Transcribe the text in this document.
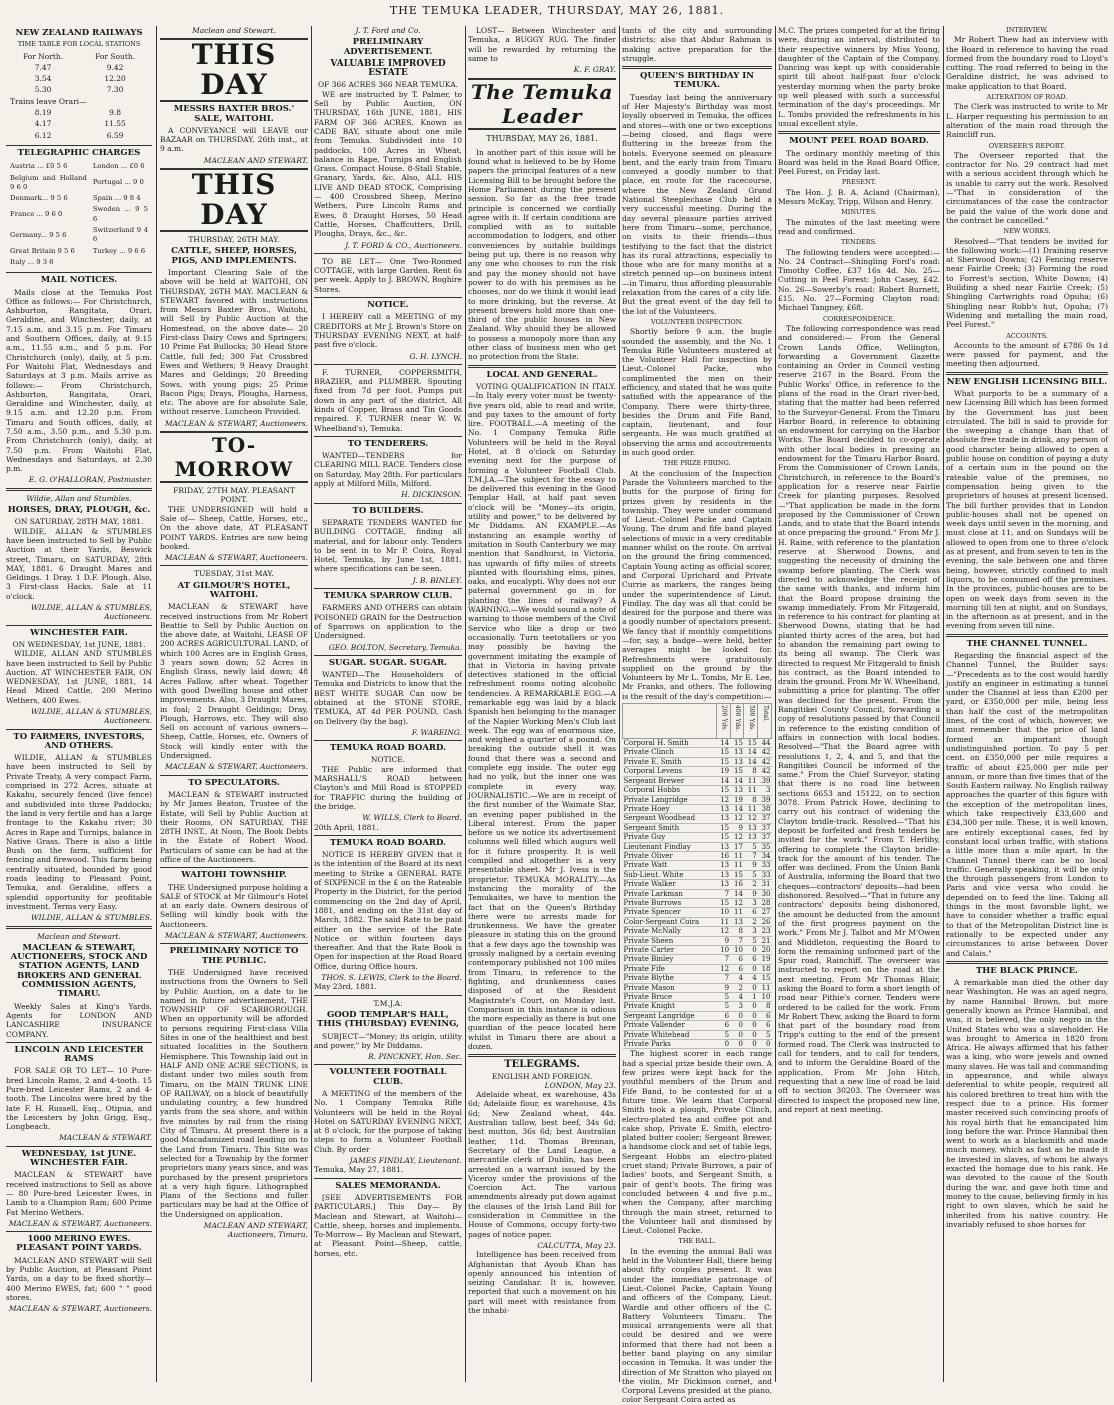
THE TEMUKA LEADER, THURSDAY, MAY 26, 1881.
NEW ZEALAND RAILWAYS
TIME TABLE FOR LOCAL STATIONS
For North.	For South.
7.47	9.42
3.54	12.20
5.30	7.30
Trains leave Orari—	
8.19	9.8
4.17	11.55
6.12	6.59
TELEGRAPHIC CHARGES
Austria ... £0 5 6	London ... £0 6
Belgium and Holland 9 6 0	Portugal ... 9 0
Denmark... 9 5 6	Spain ... 9 8 4
France ... 9 6 0	Sweden ... 9 5 6
Germany... 9 5 6	Switzerland 9 4 6
Great Britain 9 5 6	Turkey ... 9 6 6
Italy ... 9 3 6	
MAIL NOTICES.

Mails close at the Temuka Post Office as follows:— For Christchurch, Ashburton, Rangitata, Orari, Geraldine, and Winchester, daily, at 7.15 a.m. and 3.15 p.m. For Timaru and Southern Offices, daily, at 9.15 a.m., 11.55 a.m., and 5 p.m. For Christchurch (only), daily, at 5 p.m. For Waitohi Flat, Wednesdays and Saturdays at 3 p.m. Mails arrive as follows:— From Christchurch, Ashburton, Rangitata, Orari, Geraldine and Winchester, daily, at 9.15 a.m. and 12.20 p.m. From Timaru and South offices, daily, at 7.50 a.m., 3.50 p.m., and 5.30 p.m. From Christchurch (only), daily, at 7.50 p.m. From Waitohi Flat, Wednesdays and Saturdays, at 2.30 p.m.

E. G. O'HALLORAN, Postmaster.
Wildie, Allan and Stumbles.
HORSES, DRAY, PLOUGH, &c.
ON SATURDAY, 28TH MAY, 1881.

WILDIE, ALLAN & STUMBLES have been instructed to Sell by Public Auction at their Yards, Beswick street, Timaru, on SATURDAY, 28th MAY, 1881. 6 Draught Mares and Geldings. 1 Dray. 1 D.F. Plough. Also, 3 First-class Hacks. Sale at 11 o'clock.

WILDIE, ALLAN & STUMBLES, Auctioneers.
WINCHESTER FAIR.
ON WEDNESDAY, 1st JUNE, 1881.

WILDIE, ALLAN AND STUMBLES have been instructed to Sell by Public Auction, AT WINCHESTER FAIR, ON WEDNESDAY, 1st JUNE, 1881, 14 Head Mixed Cattle, 200 Merino Wethers, 400 Ewes.

WILDIE, ALLAN & STUMBLES, Auctioneers.
TO FARMERS, INVESTORS, AND OTHERS.

WILDIE, ALLAN & STUMBLES have been instructed to Sell by Private Treaty, A very compact Farm, comprised in 272 Acres, situate at Kakahu, securely fenced (live fence) and subdivided into three Paddocks; the land is very fertile and has a large frontage to the Kakahu river; 30 Acres in Rape and Turnips, balance in Native Grass. There is also a little Bush on the farm, sufficient for fencing and firewood. This farm being centrally situated, bounded by good roads leading to Pleasant Point, Temuka, and Geraldine, offers a splendid opportunity for profitable investment. Terms very Easy.

WILDIE, ALLAN & STUMBLES.
Maclean and Stewart.
MACLEAN & STEWART, AUCTIONEERS, STOCK AND STATION AGENTS, LAND BROKERS AND GENERAL COMMISSION AGENTS, TIMARU.

Weekly Sales at King's Yards. Agents for LONDON AND LANCASHIRE INSURANCE COMPANY.

LINCOLN AND LEICESTER RAMS

FOR SALE OR TO LET— 10 Pure-bred Lincoln Rams, 2 and 4-tooth. 15 Pure-bred Leicester Rams, 2 and 4-tooth. The Lincolns were bred by the late F. H. Russell, Esq., Otipua, and the Leicesters by John Grigg, Esq., Longbeach.

MACLEAN & STEWART.
WEDNESDAY, 1st JUNE. WINCHESTER FAIR.

MACLEAN & STEWART have received instructions to Sell as above— 80 Pure-bred Leicester Ewes, in Lamb to a Champion Ram; 600 Prime Fat Merino Wethers.

MACLEAN & STEWART, Auctioneers.
1000 MERINO EWES. PLEASANT POINT YARDS.

MACLEAN AND STEWART will Sell by Public Auction, at Pleasant Point Yards, on a day to be fixed shortly— 400 Merino EWES, fat; 600 " " good stores.

MACLEAN & STEWART, Auctioneers.
Maclean and Stewart.
THIS DAY
MESSRS BAXTER BROS.' SALE, WAITOHI.

A CONVEYANCE will LEAVE our BAZAAR on THURSDAY, 26th inst., at 9 a.m.

MACLEAN AND STEWART.
THIS DAY
THURSDAY, 26TH MAY.
CATTLE, SHEEP, HORSES, PIGS, AND IMPLEMENTS.

Important Clearing Sale of the above will be held at WAITOHI, ON THURSDAY, 26TH MAY. MACLEAN & STEWART favored with instructions from Messrs Baxter Bros., Waitohi, will Sell by Public Auction at the Homestead, on the above date— 20 First-class Dairy Cows and Springers; 10 Prime Fat Bullocks; 30 Head Store Cattle, full fed; 300 Fat Crossbred Ewes and Wethers; 9 Heavy Draught Mares and Geldings; 20 Breeding Sows, with young pigs; 25 Prime Bacon Pigs; Drays, Ploughs, Harness, etc. The above are for absolute Sale, without reserve. Luncheon Provided.

MACLEAN & STEWART, Auctioneers.
TO-MORROW
FRIDAY, 27TH MAY. PLEASANT POINT.

THE UNDERSIGNED will hold a Sale of— Sheep, Cattle, Horses, etc., On the above date, AT PLEASANT POINT YARDS. Entries are now being booked.

MACLEAN & STEWART, Auctioneers.
TUESDAY, 31st MAY.
AT GILMOUR'S HOTEL, WAITOHI.

MACLEAN & STEWART have received instructions from Mr Robert Beattie to Sell by Public Auction on the above date, at Waitohi, LEASE OF 200 ACRES AGRICULTURAL LAND, of which 100 Acres are in English Grass, 3 years sown down; 52 Acres in English Grass, newly laid down; 48 Acres Fallow, after wheat. Together with good Dwelling house and other improvements. Also, 3 Draught Mares, in foal; 2 Draught Geldings; Dray, Plough, Harrows, etc. They will also Sell on account of various owners— Sheep, Cattle, Horses, etc. Owners of Stock will kindly enter with the Undersigned.

MACLEAN & STEWART, Auctioneers.
TO SPECULATORS.

MACLEAN & STEWART instructed by Mr James Beaton, Trustee of the Estate, will Sell by Public Auction at their Rooms, ON SATURDAY, THE 28TH INST., At Noon, The Book Debts in the Estate of Robert Wood. Particulars of same can be had at the office of the Auctioneers.

WAITOHI TOWNSHIP.

THE Undersigned purpose holding a SALE of STOCK at Mr Gilmour's Hotel at an early date. Owners desirous of Selling will kindly book with the Auctioneers.

MACLEAN & STEWART, Auctioneers.
PRELIMINARY NOTICE TO THE PUBLIC.

THE Undersigned have received instructions from the Owners to Sell by Public Auction, on a date to be named in future advertisement, THE TOWNSHIP OF SCARBOROUGH. When an opportunity will be afforded to persons requiring First-class Villa Sites in one of the healthiest and best situated localities in the Southern Hemisphere. This Township laid out in HALF AND ONE ACRE SECTIONS, is distant under two miles south from Timaru, on the MAIN TRUNK LINE OF RAILWAY, on a block of beautifully undulating country, a few hundred yards from the sea shore, and within five minutes by rail from the rising City of Timaru. At present there is a good Macadamized road leading on to the Land from Timaru. This Site was selected for a Township by the former proprietors many years since, and was purchased by the present proprietors at a very high figure. Lithographed Plans of the Sections and fuller particulars may be had at the Office of the Undersigned on application.

MACLEAN AND STEWART, Auctioneers, Timaru.
J. T. Ford and Co.
PRELIMINARY ADVERTISEMENT.
VALUABLE IMPROVED ESTATE
OF 366 ACRES 366 NEAR TEMUKA.

WE are instructed by T. Palmer, to Sell by Public Auction, ON THURSDAY, 16th JUNE, 1881, HIS FARM OF 366 ACRES, Known as CADE BAY, situate about one mile from Temuka. Subdivided into 10 paddocks, 100 Acres in Wheat, balance in Rape, Turnips and English Grass. Compact House. 8-Stall Stable, Granary, Yards, &c. Also, ALL HIS LIVE AND DEAD STOCK, Comprising— 400 Crossbred Sheep, Merino Wethers, Pure Lincoln Rams and Ewes, 8 Draught Horses, 50 Head Cattle, Horses, Chaffcutters, Drill, Ploughs, Drays, &c., &c.

J. T. FORD & CO., Auctioneers.

TO BE LET— One Two-Roomed COTTAGE, with large Garden. Rent 6s per week. Apply to J. BROWN, Boghire Stores.

NOTICE.

I HEREBY call a MEETING of my CREDITORS at Mr J. Brown's Store on THURSDAY EVENING NEXT, at half-past five o'clock.

G. H. LYNCH.

F. TURNER, COPPERSMITH, BRAZIER, and PLUMBER. Spouting fixed from 7d per foot. Pumps put down in any part of the district. All kinds of Copper, Brass and Tin Goods repaired. F. TURNER (near W. W. Wheelband's), Temuka.

TO TENDERERS.

WANTED—TENDERS for CLEARING MILL RACE. Tenders close on Saturday, May 28th. For particulars apply at Milford Mills, Milford.

H. DICKINSON.
TO BUILDERS.

SEPARATE TENDERS WANTED for BUILDING COTTAGE, finding all material, and for labour only. Tenders to be sent in to Mr P. Coira, Royal Hotel, Temuka, by June 1st, 1881, where specifications can be seen.

J. B. BINLEY.
TEMUKA SPARROW CLUB.

FARMERS AND OTHERS can obtain POISONED GRAIN for the Destruction of Sparrows on application to the Undersigned.

GEO. BOLTON, Secretary, Temuka.
SUGAR. SUGAR. SUGAR.

WANTED—The Householders of Temuka and Districts to know that the BEST WHITE SUGAR Can now be obtained at the STONE STORE, TEMUKA, AT 4d PER POUND, Cash on Delivery (by the bag).

F. WAREING.
TEMUKA ROAD BOARD.
NOTICE.

THE Public are informed that MARSHALL'S ROAD between Clayton's and Mill Road is STOPPED for TRAFFIC during the building of the bridge.

W. WILLS, Clerk to Board.
20th April, 1881.
TEMUKA ROAD BOARD.

NOTICE IS HEREBY GIVEN that it is the intention of the Board at its next meeting to Strike a GENERAL RATE of SIXPENCE in the £ on the Rateable Property in the District, for the period commencing on the 2nd day of April, 1881, and ending on the 31st day of March, 1882. The said Rate to be paid either on the service of the Rate Notice or within fourteen days thereafter. And that the Rate Book is Open for inspection at the Road Board Office, during Office hours.

THOS. S. LEWIS, Clerk to the Board.
May 23rd, 1881.
T.M.J.A.
GOOD TEMPLAR'S HALL, THIS (THURSDAY) EVENING,

SUBJECT—"Money; its origin, utility and power," by Mr Diddams.

R. PINCKNEY, Hon. Sec.
VOLUNTEER FOOTBALL CLUB.

A MEETING of the members of the No. 1 Company Temuka Rifle Volunteers will be held in the Royal Hotel on SATURDAY EVENING NEXT, at 8 o'clock, for the purpose of taking steps to form a Volunteer Football Club. By order

JAMES FINDLAY, Lieutenant.
Temuka, May 27, 1881.
SALES MEMORANDA.

[SEE ADVERTISEMENTS FOR PARTICULARS.] This Day— By Maclean and Stewart, at Waitohi—Cattle, sheep, horses and implements. To-Morrow— By Maclean and Stewart, at Pleasant Point—Sheep, cattle, horses, etc.

LOST— Between Winchester and Temuka, a BUGGY RUG. The finder will be rewarded by returning the same to

K. F. GRAY.
The Temuka Leader
THURSDAY, MAY 26, 1881.

In another part of this issue will be found what is believed to be by Home papers the principal features of a new Licensing Bill to be brought before the Home Parliament during the present session. So far as the free trade principle is concerned we cordially agree with it. If certain conditions are complied with as to suitable accommodation to lodgers, and other conveniences by suitable buildings being put up, there is no reason why any one who chooses to run the risk and pay the money should not have power to do with his premises as he chooses, nor do we think it would lead to more drinking, but the reverse. At present brewers hold more than one-third of the public houses in New Zealand. Why should they be allowed to possess a monopoly more than any other class of business men who get no protection from the State.

LOCAL AND GENERAL.

VOTING QUALIFICATION IN ITALY.—In Italy every voter must be twenty-five years old, able to read and write, and pay taxes to the amount of forty lire. FOOTBALL.—A meeting of the No. 1 Company Temuka Rifle Volunteers will be held in the Royal Hotel, at 8 o'clock on Saturday evening next for the purpose of forming a Volunteer Football Club. T.M.J.A.—The subject for the essay to be delivered this evening in the Good Templar Hall, at half past seven o'clock will be "Money—its origin, utility and power," to be delivered by Mr Diddams. AN EXAMPLE.—As instancing an example worthy of imitation in South Canterbury we may mention that Sandhurst, in Victoria, has upwards of fifty miles of streets planted with flourishing elms, pines, oaks, and eucalypti. Why does not our paternal government go in for planting the lines of railway? A WARNING.—We would sound a note of warning to those members of the Civil Service who like a drop or two occasionally. Turn teetotallers or you may possibly be having the government imitating the example of that in Victoria in having private detectives stationed in the official refreshment rooms noting alcoholic tendencies. A REMARKABLE EGG.—A remarkable egg was laid by a black Spanish hen belonging to the manager of the Napier Working Men's Club last week. The egg was of enormous size, and weighed a quarter of a pound. On breaking the outside shell it was found that there was a second and complete egg inside. The outer egg had no yolk, but the inner one was complete in every way. JOURNALISTIC.—We are in receipt of the first number of the Waimate Star, an evening paper published in the Liberal interest. From the paper before us we notice its advertisement columns well filled which augurs well for it future prosperity. It is well compiled and altogether is a very presentable sheet. Mr J. Ivess is the proprietor. TEMUKA MORALITY.—As instancing the morality of the Temukaites, we have to mention the fact that on the Queen's Birthday there were no arrests made for drunkenness. We have the greater pleasure in stating this on the ground that a few days ago the township was grossly maligned by a certain evening contemporary published not 100 miles from Timaru, in reference to the fighting, and drunkenness cases disposed of at the Resident Magistrate's Court, on Monday last. Comparison in this instance is odious the more especially as there is but one guardian of the peace located here whilst in Timaru there are about a dozen.

TELEGRAMS.
ENGLISH AND FOREIGN.
LONDON, May 23.

Adelaide wheat, ex warehouse, 43s 6d; Adelaide flour, ex warehouse, 43s 6d; New Zealand wheat, 44s. Australian tallow, best beef, 34s 6d; best mutton, 36s 6d; best Australian leather, 11d. Thomas Brennan, Secretary of the Land League, a mercantile clerk of Dublin, has been arrested on a warrant issued by the Viceroy under the provisions of the Coercion Act. The various amendments already put down against the clauses of the Irish Land Bill for consideration in Committee in the House of Commons, occupy forty-two pages of notice paper.

CALCUTTA, May 23.

Intelligence has been received from Afghanistan that Ayoub Khan has openly announced his intention of seizing Candahar. It is, however, reported that such a movement on his part will meet with resistance from the inhabi-

tants of the city and surrounding districts; also that Abdur Rahman is making active preparation for the struggle.

QUEEN'S BIRTHDAY IN TEMUKA.

Tuesday last being the anniversary of Her Majesty's Birthday was most loyally observed in Temuka, the offices and stores—with one or two exceptions—being closed, and flags were fluttering in the breeze from the hotels. Everyone seemed on pleasure bent, and the early train from Timaru conveyed a goodly number to that place, en route for the racecourse, where the New Zealand Grand National Steeplechase Club held a very successful meeting. During the day several pleasure parties arrived here from Timaru—some, perchance, on visits to their friends—thus testifying to the fact that the district has its rural attractions, especially to those who are for many months at a stretch penned up—on business intent—in Timaru, thus affording pleasurable relaxation from the cares of a city life. But the great event of the day fell to the lot of the Volunteers.

VOLUNTEER INSPECTION.

Shortly before 9 a.m. the bugle sounded the assembly, and the No. 1 Temuka Rifle Volunteers mustered at the Volunteer Hall for inspection by Lieut.-Colonel Packe, who complimented the men on their efficiency, and stated that he was quite satisfied with the appearance of the Company. There were thirty-three, besides the Drum and Fife Band, captain, lieutenant, and four sergeants. He was much gratified at observing the arms and accoutrements in such good order.

THE PRIZE FIRING.

At the conclusion of the Inspection Parade the Volunteers marched to the butts for the purpose of firing for prizes given by residents in the township. They were under command of Lieut.-Colonel Packe and Captain Young. The drum and fife band played selections of music in a very creditable manner whilst on the route. On arrival on the ground the firing commenced, Captain Young acting as official scorer, and Corporal Uprichard and Private Currie as markers, the ranges being under the superintendence of Lieut. Findlay. The day was all that could be desired for the purpose and there was a goodly number of spectators present. We fancy that if monthly competitions—for, say, a badge—were held, better averages might be looked for. Refreshments were gratuitously supplied on the ground by the Volunteers by Mr L. Tombs, Mr E. Lee, Mr Franks, and others. The following is the result of the day's competition:—

	200 Yds.	400 Yds.	500 Yds.	Total.
Corporal H. Smith	14	15	15	44
Private Clinch	15	13	14	42
Private E. Smith	15	13	14	42
Corporal Levens	19	15	8	42
Sergeant Brewer	14	14	11	39
Corporal Hobbs	15	13	11	3
Private Langridge	12	19	8	39
Private Hoey	13	14	11	38
Sergeant Woodhead	13	12	12	37
Sergeant Smith	15	9	13	37
Private Guy	15	12	13	37
Lieutenant Findlay	13	17	5	35
Private Oliver	16	11	7	34
Private Watt	13	11	9	33
Sub-Lieut. White	13	15	5	33
Private Walker	13	16	2	31
Private Larkman	7	14	9	30
Private Burrows	15	12	3	28
Private Spencer	10	11	6	27
Color-Sergeant Coira	11	13	2	26
Private McNally	12	8	3	23
Private Sheen	9	7	5	21
Private Carter	10	10	0	20
Private Binley	7	6	6	19
Private Fife	12	6	0	18
Private Blythe	7	4	4	15
Private Mason	9	2	0	11
Private Bruce	5	4	1	10
Private Knight	5	3	0	8
Sergeant Langridge	6	0	0	6
Private Vallender	6	0	0	6
Private Whitehead	5	0	0	5
Private Parks	0	0	0	0

The highest scorer in each range had a special prize beside their own. A few prizes were kept back for the youthful members of the Drum and Fife Band, to be contested for at a future time. We learn that Corporal Smith took a plough, Private Clinch, electro-plated tea and coffee pot and cake shop, Private E. Smith, electro-plated butter cooler; Sergeant Brewer, a handsome clock and set of table legs, Sergeant Hobbs an electro-plated cruet stand; Private Burrows, a pair of ladies' boots, and Sergeant Smith, a pair of gent's boots. The firing was concluded between 4 and five p.m., when the Company, after marching through the main street, returned to the Volunteer hall and dismissed by Lieut.-Colonel Packe.

THE BALL.

In the evening the annual Ball was held in the Volunteer Hall, there being about fifty couples present. It was under the immediate patronage of Lieut.-Colonel Packe, Captain Young and officers of the Company, Lieut. Wardle and other officers of the C. Battery Volunteers Timaru. The musical arrangements were all that could be desired and we were informed that there had not been a better band playing on any similar occasion in Temuka. It was under the direction of Mr Stratton who played on the violin, Mr Dickinson cornet, and Corporal Levens presided at the piano, color Sergeant Coira acted as

M.C. The prizes competed for at the firing were, during an interval, distributed to their respective winners by Miss Young, daughter of the Captain of the Company. Dancing was kept up with considerable spirit till about half-past four o'clock yesterday morning when the party broke up well pleased with such a successful termination of the day's proceedings. Mr L. Tombs provided the refreshments in his usual excellent style.

MOUNT PEEL ROAD BOARD.

The ordinary monthly meeting of this Board was held in the Road Board Office, Peel Forest, on Friday last.

PRESENT.

The Hon. J. B. A. Acland (Chairman), Messrs McKay, Tripp, Wilson and Henry.

MINUTES.

The minutes of the last meeting were read and confirmed.

TENDERS.

The following tenders were accepted:— No. 24 Contract—Shingling Ford's road: Timothy Coffee, £37 16s 4d. No. 25—Cutting in Peel Forest: John Casey, £42. No. 26—Sowerby's road: Robert Burnett, £15. No. 27—Forming Clayton road: Michael Tangney, £68.

CORRESPONDENCE.

The following correspondence was read and considered:— From the General Crown Lands Office, Wellington, forwarding a Government Gazette containing an Order in Council vesting reserve 2167 in the Board. From the Public Works' Office, in reference to the plans of the road in the Orari river-bed, stating that the matter had been referred to the Surveyor-General. From the Timaru Harbor Board, in reference to obtaining an endowment for carrying on the Harbor Works. The Board decided to co-operate with other local bodies in pressing an endowment for the Timaru Harbor Board. From the Commissioner of Crown Lands, Christchurch, in reference to the Board's application for a reserve near Fairlie Creek for planting purposes. Resolved—"That application be made in the form proposed by the Commissioner of Crown Lands, and to state that the Board intends at once preparing the ground." From Mr J. H. Raine, with reference to the plantation reserve at Sherwood Downs, and suggesting the necessity of draining the swamp before planting. The Clerk was directed to acknowledge the receipt of the same with thanks, and inform him that the Board propose draining the swamp immediately. From Mr Fitzgerald, in reference to his contract for planting at Sherwood Downs, stating that he had planted thirty acres of the area, but had to abandon the remaining part owing to its being all swamp. The Clerk was directed to request Mr Fitzgerald to finish his contract, as the Board intended to drain the ground. From Mr W. Wheelband, submitting a price for planting. The offer was declined for the present. From the Rangitikei County Council, forwarding a copy of resolutions passed by that Council in reference to the existing condition of affairs in connection with local bodies. Resolved—"That the Board agree with resolutions 1, 2, 4, and 5, and that the Rangitikei Council be informed of the same." From the Chief Surveyor, stating that there is no road line between sections 6653 and 15122, on to section 3078. From Patrick Howe, declining to carry out his contract of widening the Clayton bridle-track. Resolved—"That his deposit be forfeited and fresh tenders be invited for the work." From T. Herlihy, offering to complete the Clayton bridle-track for the amount of his tender. The offer was declined. From the Union Bank of Australia, informing the Board that two cheques—contractors' deposits—had been dishonored. Resolved—"That in future any contractors' deposits being dishonored, the amount be deducted from the amount of the first progress payment on the work." From Mr J. Talbot and Mr M'Owen and Middleton, requesting the Board to form the remaining unformed part of the Spur road, Rainchiff. The overseer was instructed to report on the road at the next meeting. From Mr Thomas Blair, asking the Board to form a short length of road near Pithie's corner. Tenders were ordered to be called for the work. From Mr Robert Thew, asking the Board to form that part of the boundary road from Tripp's cutting to the end of the present formed road. The Clerk was instructed to call for tenders, and to call for tenders, and to inform the Geraldine Board of the application. From Mr John Hitch, requesting that a new line of road be laid off to section 30203. The Overseer was directed to inspect the proposed new line, and report at next meeting.

INTERVIEW.

Mr Robert Thew had an interview with the Board in reference to having the road formed from the boundary road to Lloyd's cutting. The road referred to being in the Geraldine district, he was advised to make application to that Board.

ALTERATION OF ROAD.

The Clerk was instructed to write to Mr L. Harper requesting his permission to an alteration of the main road through the Raincliff run.

OVERSEER'S REPORT.

The Overseer reported that the contractor for No. 29 contract had met with a serious accident through which he is unable to carry out the work. Resolved—"That in consideration of the circumstances of the case the contractor be paid the value of the work done and the contract be cancelled."

NEW WORKS.

Resolved—"That tenders be invited for the following work:—(1) Draining reserve at Sherwood Downs; (2) Fencing reserve near Fairlie Creek; (3) Forming the road to Forrest's section, White Downs; (4) Building a shed near Fairlie Creek; (5) Shingling Cartwrights road Opuha; (6) Shingling near Robb's hut, Opuha; (7) Widening and metalling the main road, Peel Forest."

ACCOUNTS.

Accounts to the amount of £786 0s 1d were passed for payment, and the meeting then adjourned.

NEW ENGLISH LICENSING BILL.

What purports to be a summary of a new Licensing Bill which has been formed by the Government has just been circulated. The bill is said to provide for the sweeping a change than that of absolute free trade in drink, any person of good character being allowed to open a public house on condition of paying a duty of a certain sum in the pound on the rateable value of the premises, no compensation being given to the proprietors of houses at present licensed. The bill further provides that in London public-houses shall not be opened on week days until seven in the morning, and must close at 11, and on Sundays will be allowed to open from one to three o'clock as at present, and from seven to ten in the evening, the sale between one and three being, however, strictly confined to malt liquors, to be consumed off the premises. In the provinces, public-houses are to be open on week days from seven in the morning till ten at night, and on Sundays, in the afternoon as at present, and in the evening from seven till nine.

THE CHANNEL TUNNEL.

Regarding the financial aspect of the Channel Tunnel, the Builder says:—"Precedents as to the cost would hardly justify an engineer in estimating a tunnel under the Channel at less than £200 per yard, or £350,000 per mile, being less than half the cost of the metropolitan lines, of the cost of which, however, we must remember that the price of land formed an important though undistinguished portion. To pay 5 per cent. on £350,000 per mile requires a traffic of about £25,000 per mile per annum, or more than five times that of the South Eastern railway. No English railway approaches the quarter of this figure with the exception of the metropolitan lines, which take respectively £33,600 and £34,300 per mile. These, it is well known, are entirely exceptional cases, fed by constant local urban traffic, with stations a little more than a mile apart. In the Channel Tunnel there can be no local traffic. Generally speaking, it will be only the through passengers from London to Paris and vice versa who could be depended on to feed the line. Taking all things in the most favorable light, we have to consider whether a traffic equal to that of the Metropolitan District line is rationally to be expected under any circumstances to arise between Dover and Calais."

THE BLACK PRINCE.

A remarkable man died the other day near Washington. He was an aged negro, by name Hannibal Brown, but more generally known as Prince Hannibal, and was, it is believed, the only negro in the United States who was a slaveholder. He was brought to America in 1820 from Africa. He always affirmed that his father was a king, who wore jewels and owned many slaves. He was tall and commanding in appearance, and while always deferential to white people, required all his colored brethren to treat him with the respect due to a prince. His former master received such convincing proofs of his royal birth that he emancipated him long before the war. Prince Hannibal then went to work as a blacksmith and made much money, which as fast as he made it he invested in slaves, of whom he always exacted the homage due to his rank. He was devoted to the cause of the South during the war, and gave both time and money to the cause, believing firmly in his right to own slaves, which he said he inherited from his native country. He invariably refused to shoe horses for
